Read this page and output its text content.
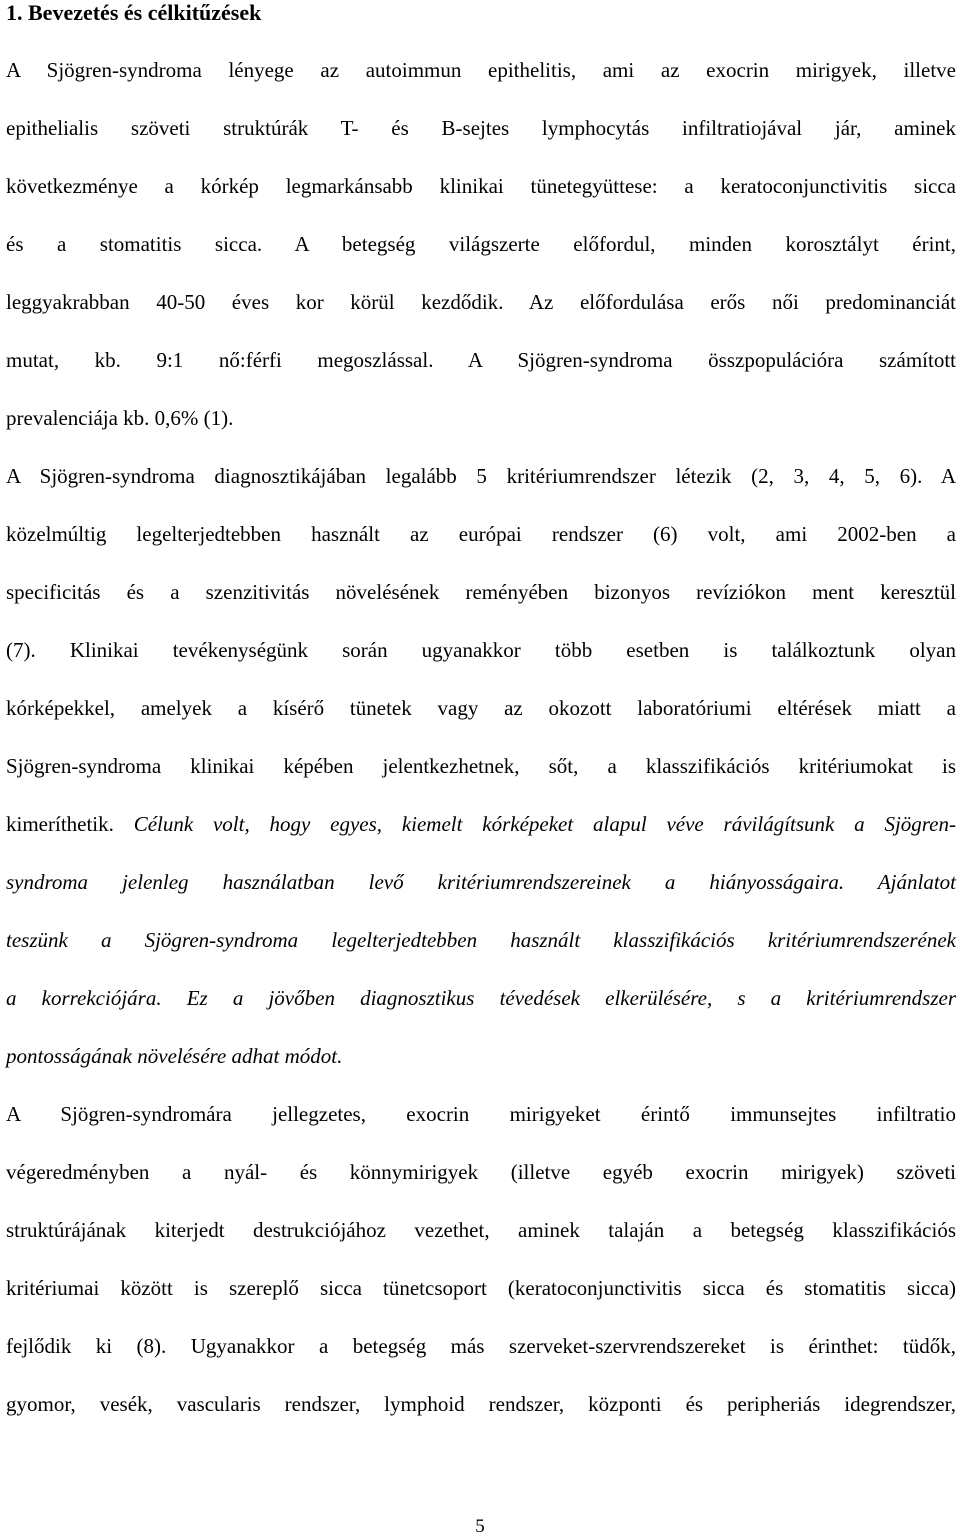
1. Bevezetés és célkitűzések

A Sjögren-syndroma lényege az autoimmun epithelitis, ami az exocrin mirigyek, illetve

epithelialis szöveti struktúrák T- és B-sejtes lymphocytás infiltratiojával jár, aminek

következménye a kórkép legmarkánsabb klinikai tünetegyüttese: a keratoconjunctivitis sicca

és a stomatitis sicca. A betegség világszerte előfordul, minden korosztályt érint,

leggyakrabban 40-50 éves kor körül kezdődik. Az előfordulása erős női predominanciát

mutat, kb. 9:1 nő:férfi megoszlással. A Sjögren-syndroma összpopulációra számított

prevalenciája kb. 0,6% (1).

A Sjögren-syndroma diagnosztikájában legalább 5 kritériumrendszer létezik (2, 3, 4, 5, 6). A

közelmúltig legelterjedtebben használt az európai rendszer (6) volt, ami 2002-ben a

specificitás és a szenzitivitás növelésének reményében bizonyos revíziókon ment keresztül

(7). Klinikai tevékenységünk során ugyanakkor több esetben is találkoztunk olyan

kórképekkel, amelyek a kísérő tünetek vagy az okozott laboratóriumi eltérések miatt a

Sjögren-syndroma klinikai képében jelentkezhetnek, sőt, a klasszifikációs kritériumokat is

kimeríthetik. Célunk volt, hogy egyes, kiemelt kórképeket alapul véve rávilágítsunk a Sjögren-

syndroma jelenleg használatban levő kritériumrendszereinek a hiányosságaira. Ajánlatot

teszünk a Sjögren-syndroma legelterjedtebben használt klasszifikációs kritériumrendszerének

a korrekciójára. Ez a jövőben diagnosztikus tévedések elkerülésére, s a kritériumrendszer

pontosságának növelésére adhat módot.

A Sjögren-syndromára jellegzetes, exocrin mirigyeket érintő immunsejtes infiltratio

végeredményben a nyál- és könnymirigyek (illetve egyéb exocrin mirigyek) szöveti

struktúrájának kiterjedt destrukciójához vezethet, aminek talaján a betegség klasszifikációs

kritériumai között is szereplő sicca tünetcsoport (keratoconjunctivitis sicca és stomatitis sicca)

fejlődik ki (8). Ugyanakkor a betegség más szerveket-szervrendszereket is érinthet: tüdők,

gyomor, vesék, vascularis rendszer, lymphoid rendszer, központi és peripheriás idegrendszer,

5
